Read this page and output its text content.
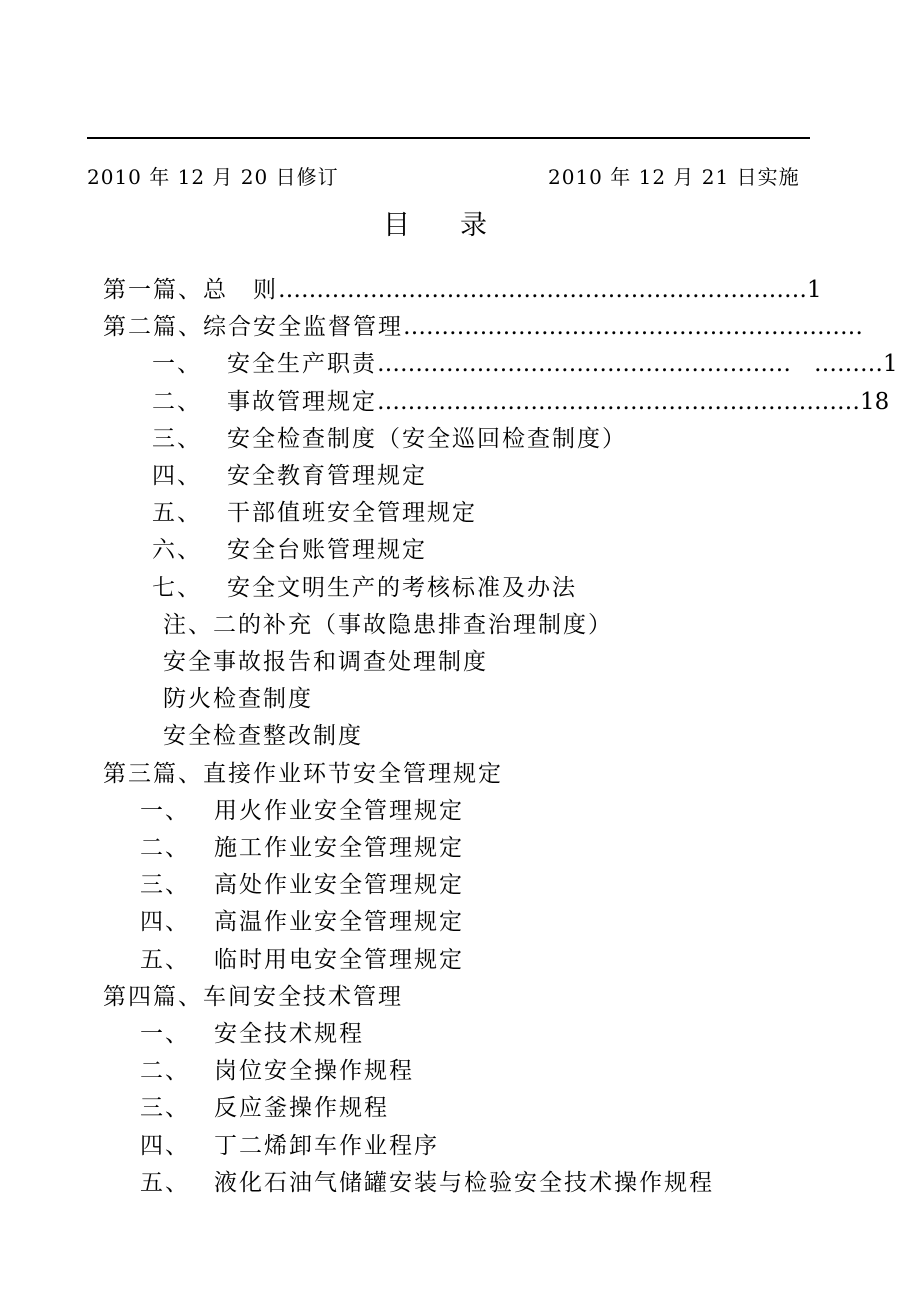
2010 年 12 月 20 日修订	2010 年 12 月 21 日实施
目录
第一篇、总　则……………………………………………………………1
第二篇、综合安全监督管理……………………………………………………
一、 安全生产职责………………………………………………　………1
二、 事故管理规定………………………………………………………18
三、 安全检查制度（安全巡回检查制度）
四、 安全教育管理规定
五、 干部值班安全管理规定
六、 安全台账管理规定
七、 安全文明生产的考核标准及办法
注、二的补充（事故隐患排查治理制度）
安全事故报告和调查处理制度
防火检查制度
安全检查整改制度
第三篇、直接作业环节安全管理规定
一、 用火作业安全管理规定
二、 施工作业安全管理规定
三、 高处作业安全管理规定
四、 高温作业安全管理规定
五、 临时用电安全管理规定
第四篇、车间安全技术管理
一、 安全技术规程
二、 岗位安全操作规程
三、 反应釜操作规程
四、 丁二烯卸车作业程序
五、 液化石油气储罐安装与检验安全技术操作规程
